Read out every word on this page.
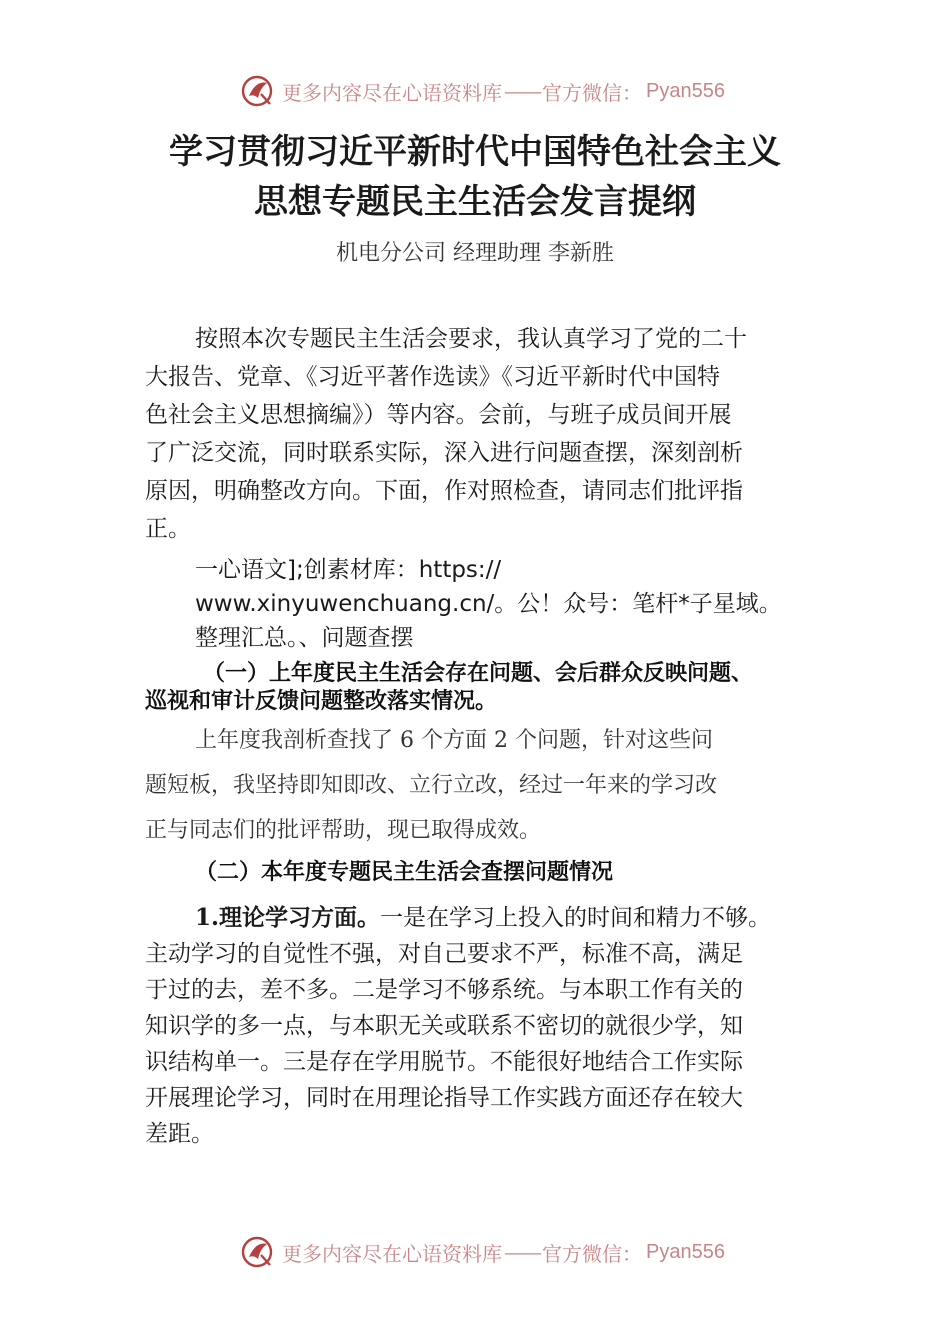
更多内容尽在心语资料库 —— 官方微信： Pyan556
学习贯彻习近平新时代中国特色社会主义
思想专题民主生活会发言提纲
机电分公司 经理助理 李新胜
按照本次专题民主生活会要求，我认真学习了党的二十
大报告、党章、《习近平著作选读》《习近平新时代中国特
色社会主义思想摘编》）等内容。会前，与班子成员间开展
了广泛交流，同时联系实际，深入进行问题查摆，深刻剖析
原因，明确整改方向。下面，作对照检查，请同志们批评指
正。
一心语文];创素材库：https://
www.xinyuwenchuang.cn/。公！众号：笔杆*子星域。
整理汇总。、问题查摆
（一）上年度民主生活会存在问题、会后群众反映问题、
巡视和审计反馈问题整改落实情况。
上年度我剖析查找了 6 个方面 2 个问题，针对这些问
题短板，我坚持即知即改、立行立改，经过一年来的学习改
正与同志们的批评帮助，现已取得成效。
（二）本年度专题民主生活会查摆问题情况
1.理论学习方面。一是在学习上投入的时间和精力不够。
主动学习的自觉性不强，对自己要求不严，标准不高，满足
于过的去，差不多。二是学习不够系统。与本职工作有关的
知识学的多一点，与本职无关或联系不密切的就很少学，知
识结构单一。三是存在学用脱节。不能很好地结合工作实际
开展理论学习，同时在用理论指导工作实践方面还存在较大
差距。
更多内容尽在心语资料库 —— 官方微信： Pyan556
